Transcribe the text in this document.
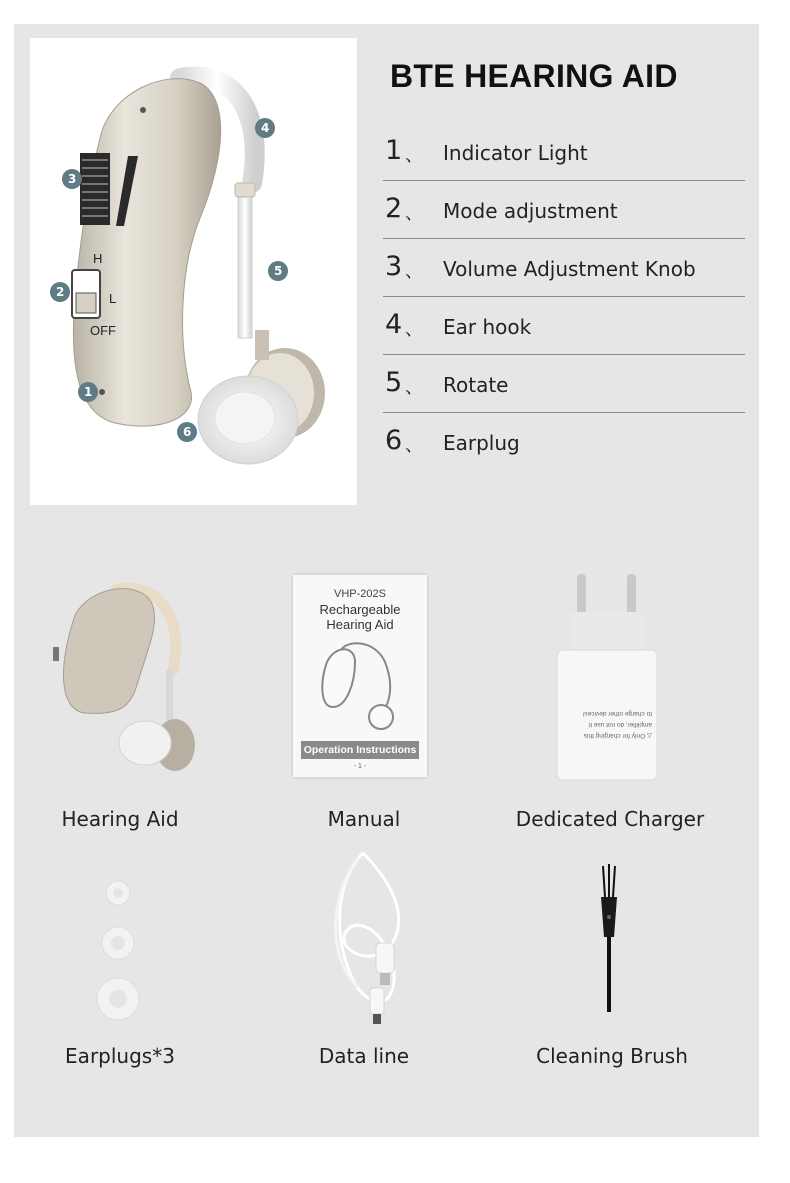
H
L
OFF
1
2
3
4
5
6
BTE HEARING AID
1 、 Indicator Light
2 、 Mode adjustment
3 、 Volume Adjustment Knob
4 、 Ear hook
5 、 Rotate
6 、 Earplug
Hearing Aid
VHP-202S
Rechargeable
Hearing Aid
Operation Instructions
- 1 -
Manual
△ Only for charging this
amplifier, do not use it
to charge other devices!
Dedicated Charger
Earplugs*3	Data line	Cleaning Brush
